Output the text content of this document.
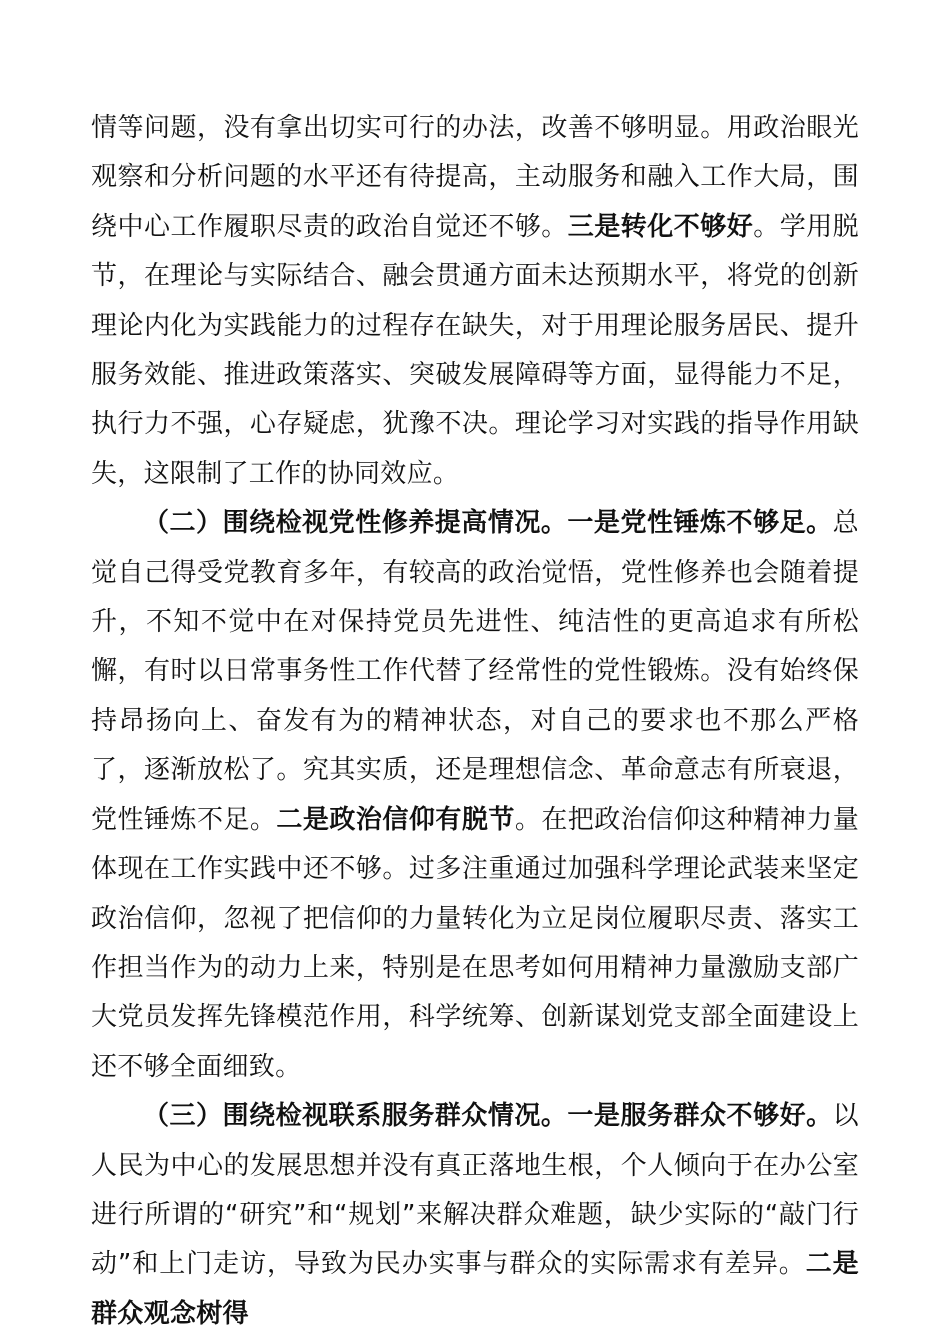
情等问题，没有拿出切实可行的办法，改善不够明显。用政治眼光观察和分析问题的水平还有待提高，主动服务和融入工作大局，围绕中心工作履职尽责的政治自觉还不够。三是转化不够好。学用脱节，在理论与实际结合、融会贯通方面未达预期水平，将党的创新理论内化为实践能力的过程存在缺失，对于用理论服务居民、提升服务效能、推进政策落实、突破发展障碍等方面，显得能力不足，执行力不强，心存疑虑，犹豫不决。理论学习对实践的指导作用缺失，这限制了工作的协同效应。

（二）围绕检视党性修养提高情况。一是党性锤炼不够足。总觉自己得受党教育多年，有较高的政治觉悟，党性修养也会随着提升，不知不觉中在对保持党员先进性、纯洁性的更高追求有所松懈，有时以日常事务性工作代替了经常性的党性锻炼。没有始终保持昂扬向上、奋发有为的精神状态，对自己的要求也不那么严格了，逐渐放松了。究其实质，还是理想信念、革命意志有所衰退，党性锤炼不足。二是政治信仰有脱节。在把政治信仰这种精神力量体现在工作实践中还不够。过多注重通过加强科学理论武装来坚定政治信仰，忽视了把信仰的力量转化为立足岗位履职尽责、落实工作担当作为的动力上来，特别是在思考如何用精神力量激励支部广大党员发挥先锋模范作用，科学统筹、创新谋划党支部全面建设上还不够全面细致。

（三）围绕检视联系服务群众情况。一是服务群众不够好。以人民为中心的发展思想并没有真正落地生根，个人倾向于在办公室进行所谓的“研究”和“规划”来解决群众难题，缺少实际的“敲门行动”和上门走访，导致为民办实事与群众的实际需求有差异。二是群众观念树得
